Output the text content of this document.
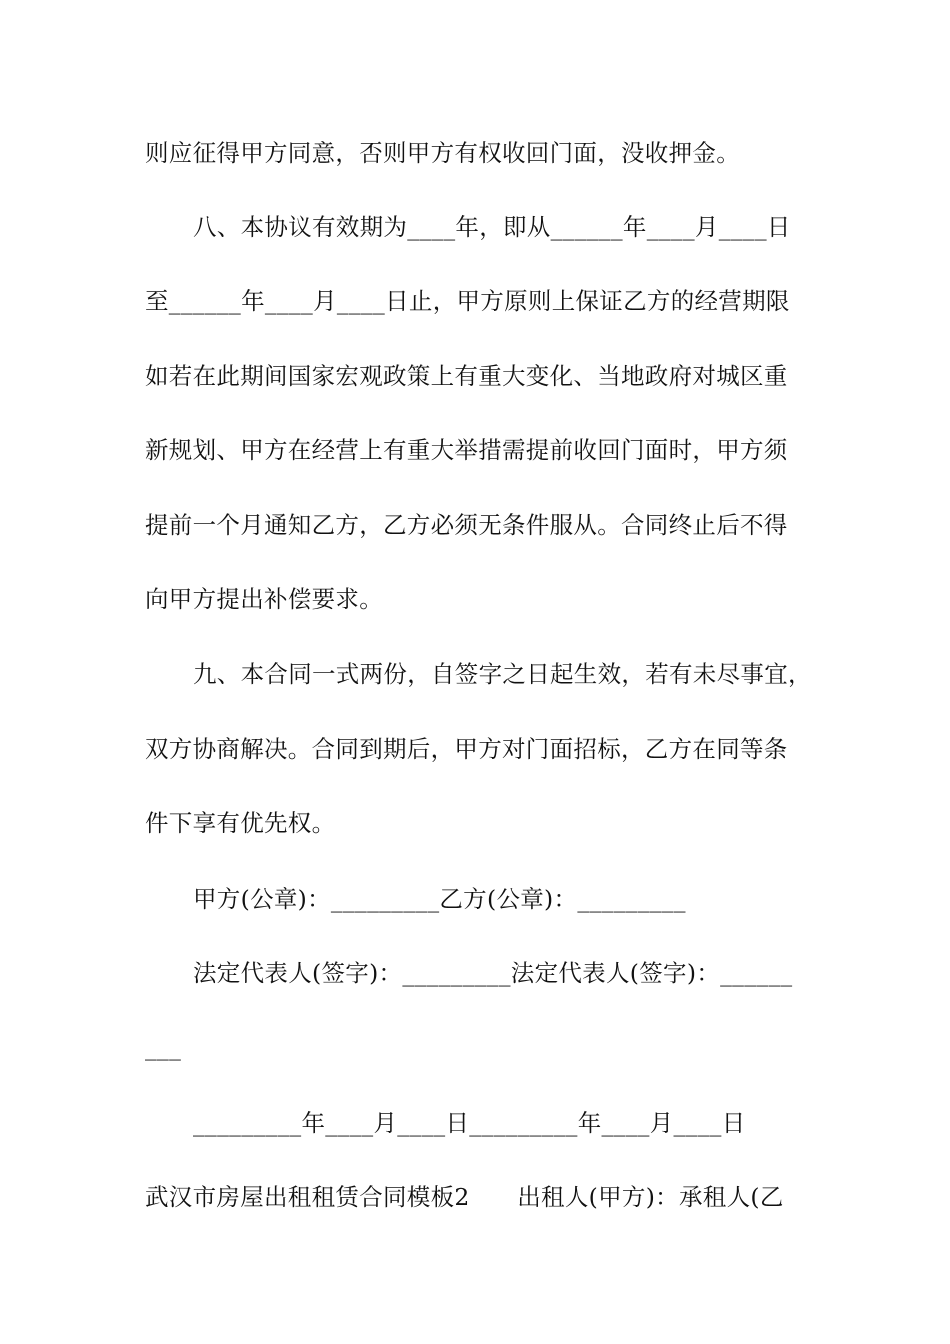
则应征得甲方同意，否则甲方有权收回门面，没收押金。
八、本协议有效期为____年，即从______年____月____日
至______年____月____日止，甲方原则上保证乙方的经营期限
如若在此期间国家宏观政策上有重大变化、当地政府对城区重
新规划、甲方在经营上有重大举措需提前收回门面时，甲方须
提前一个月通知乙方，乙方必须无条件服从。合同终止后不得
向甲方提出补偿要求。
九、本合同一式两份，自签字之日起生效，若有未尽事宜，
双方协商解决。合同到期后，甲方对门面招标，乙方在同等条
件下享有优先权。
甲方(公章)：_________乙方(公章)：_________
法定代表人(签字)：_________法定代表人(签字)：______
___
_________年____月____日_________年____月____日
武汉市房屋出租租赁合同模板2　　出租人(甲方)：承租人(乙
